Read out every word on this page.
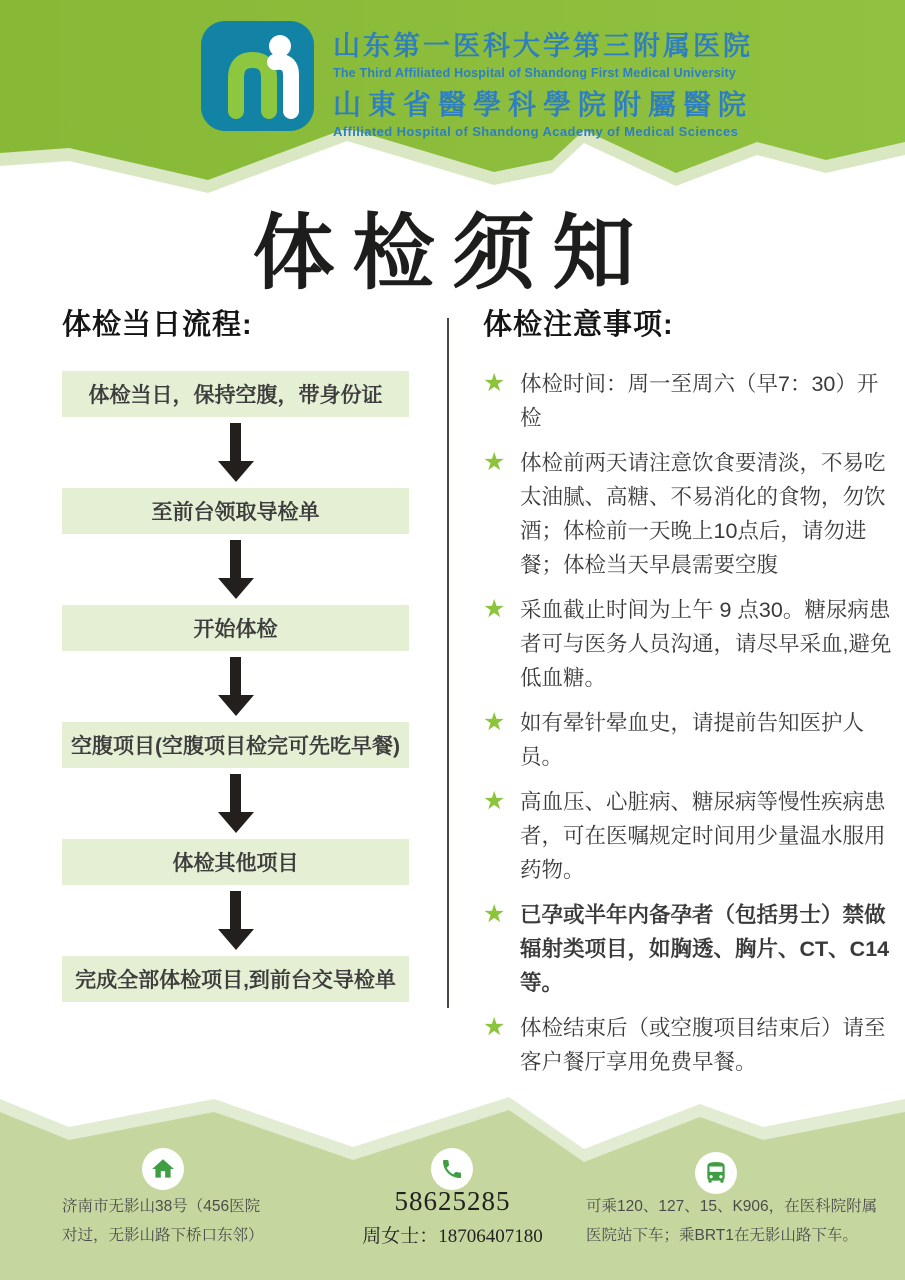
山东第一医科大学第三附属医院
The Third Affiliated Hospital of Shandong First Medical University
山東省醫學科學院附屬醫院
Affiliated Hospital of Shandong Academy of Medical Sciences
体检须知
体检当日流程:
体检当日，保持空腹，带身份证
至前台领取导检单
开始体检
空腹项目(空腹项目检完可先吃早餐)
体检其他项目
完成全部体检项目,到前台交导检单
体检注意事项:
★ 体检时间：周一至周六（早7：30）开检

★ 体检前两天请注意饮食要清淡，不易吃太油腻、高糖、不易消化的食物，勿饮酒；体检前一天晚上10点后，请勿进餐；体检当天早晨需要空腹

★ 采血截止时间为上午 9 点30。糖尿病患者可与医务人员沟通，请尽早采血,避免低血糖。

★ 如有晕针晕血史，请提前告知医护人员。

★ 高血压、心脏病、糖尿病等慢性疾病患者，可在医嘱规定时间用少量温水服用药物。

★ 已孕或半年内备孕者（包括男士）禁做辐射类项目，如胸透、胸片、CT、C14等。

★ 体检结束后（或空腹项目结束后）请至客户餐厅享用免费早餐。

济南市无影山38号（456医院
对过，无影山路下桥口东邻）
58625285
周女士：18706407180
可乘120、127、15、K906，在医科院附属
医院站下车；乘BRT1在无影山路下车。
